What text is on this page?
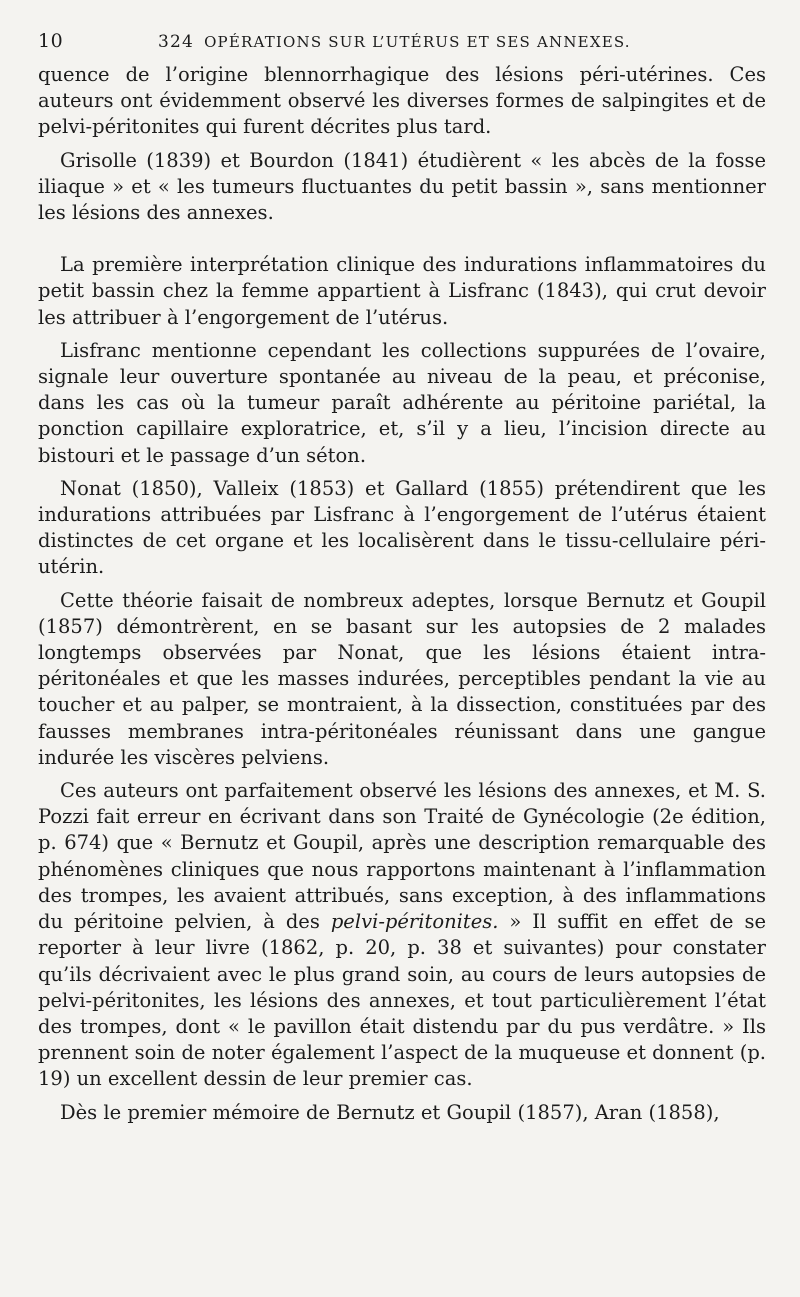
10	324 OPÉRATIONS SUR L’UTÉRUS ET SES ANNEXES.

quence de l’origine blennorrhagique des lésions péri-utérines. Ces auteurs ont évidemment observé les diverses formes de salpingites et de pelvi-péritonites qui furent décrites plus tard.

Grisolle (1839) et Bourdon (1841) étudièrent « les abcès de la fosse iliaque » et « les tumeurs fluctuantes du petit bassin », sans mentionner les lésions des annexes.

La première interprétation clinique des indurations inflammatoires du petit bassin chez la femme appartient à Lisfranc (1843), qui crut devoir les attribuer à l’engorgement de l’utérus.

Lisfranc mentionne cependant les collections suppurées de l’ovaire, signale leur ouverture spontanée au niveau de la peau, et préconise, dans les cas où la tumeur paraît adhérente au péritoine pariétal, la ponction capillaire exploratrice, et, s’il y a lieu, l’incision directe au bistouri et le passage d’un séton.

Nonat (1850), Valleix (1853) et Gallard (1855) prétendirent que les indurations attribuées par Lisfranc à l’engorgement de l’utérus étaient distinctes de cet organe et les localisèrent dans le tissu-cellulaire péri-utérin.

Cette théorie faisait de nombreux adeptes, lorsque Bernutz et Goupil (1857) démontrèrent, en se basant sur les autopsies de 2 malades longtemps observées par Nonat, que les lésions étaient intra-péritonéales et que les masses indurées, perceptibles pendant la vie au toucher et au palper, se montraient, à la dissection, constituées par des fausses membranes intra-péritonéales réunissant dans une gangue indurée les viscères pelviens.

Ces auteurs ont parfaitement observé les lésions des annexes, et M. S. Pozzi fait erreur en écrivant dans son Traité de Gynécologie (2e édition, p. 674) que « Bernutz et Goupil, après une description remarquable des phénomènes cliniques que nous rapportons maintenant à l’inflammation des trompes, les avaient attribués, sans exception, à des inflammations du péritoine pelvien, à des pelvi-péritonites. » Il suffit en effet de se reporter à leur livre (1862, p. 20, p. 38 et suivantes) pour constater qu’ils décrivaient avec le plus grand soin, au cours de leurs autopsies de pelvi-péritonites, les lésions des annexes, et tout particulièrement l’état des trompes, dont « le pavillon était distendu par du pus verdâtre. » Ils prennent soin de noter également l’aspect de la muqueuse et donnent (p. 19) un excellent dessin de leur premier cas.

Dès le premier mémoire de Bernutz et Goupil (1857), Aran (1858),
